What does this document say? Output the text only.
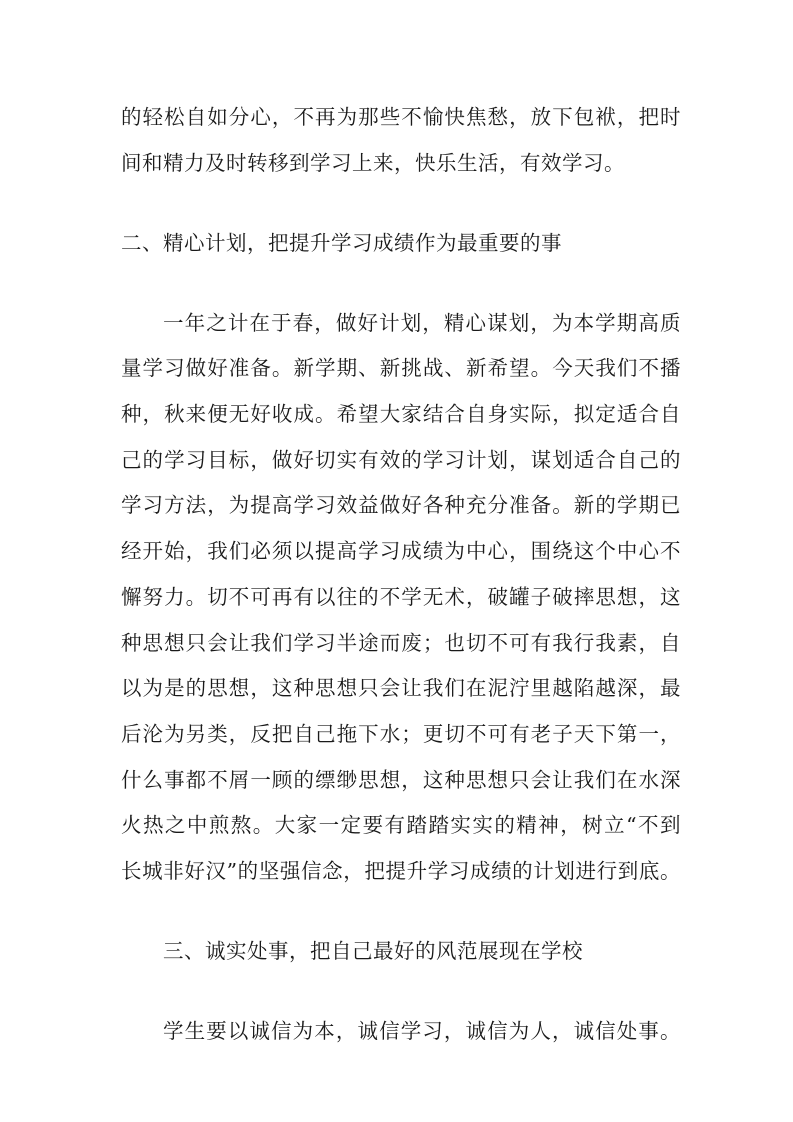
的轻松自如分心，不再为那些不愉快焦愁，放下包袱，把时
间和精力及时转移到学习上来，快乐生活，有效学习。
二、精心计划，把提升学习成绩作为最重要的事
一年之计在于春，做好计划，精心谋划，为本学期高质
量学习做好准备。新学期、新挑战、新希望。今天我们不播
种，秋来便无好收成。希望大家结合自身实际，拟定适合自
己的学习目标，做好切实有效的学习计划，谋划适合自己的
学习方法，为提高学习效益做好各种充分准备。新的学期已
经开始，我们必须以提高学习成绩为中心，围绕这个中心不
懈努力。切不可再有以往的不学无术，破罐子破摔思想，这
种思想只会让我们学习半途而废；也切不可有我行我素，自
以为是的思想，这种思想只会让我们在泥泞里越陷越深，最
后沦为另类，反把自己拖下水；更切不可有老子天下第一，
什么事都不屑一顾的缥缈思想，这种思想只会让我们在水深
火热之中煎熬。大家一定要有踏踏实实的精神，树立“不到
长城非好汉”的坚强信念，把提升学习成绩的计划进行到底。
三、诚实处事，把自己最好的风范展现在学校
学生要以诚信为本，诚信学习，诚信为人，诚信处事。
